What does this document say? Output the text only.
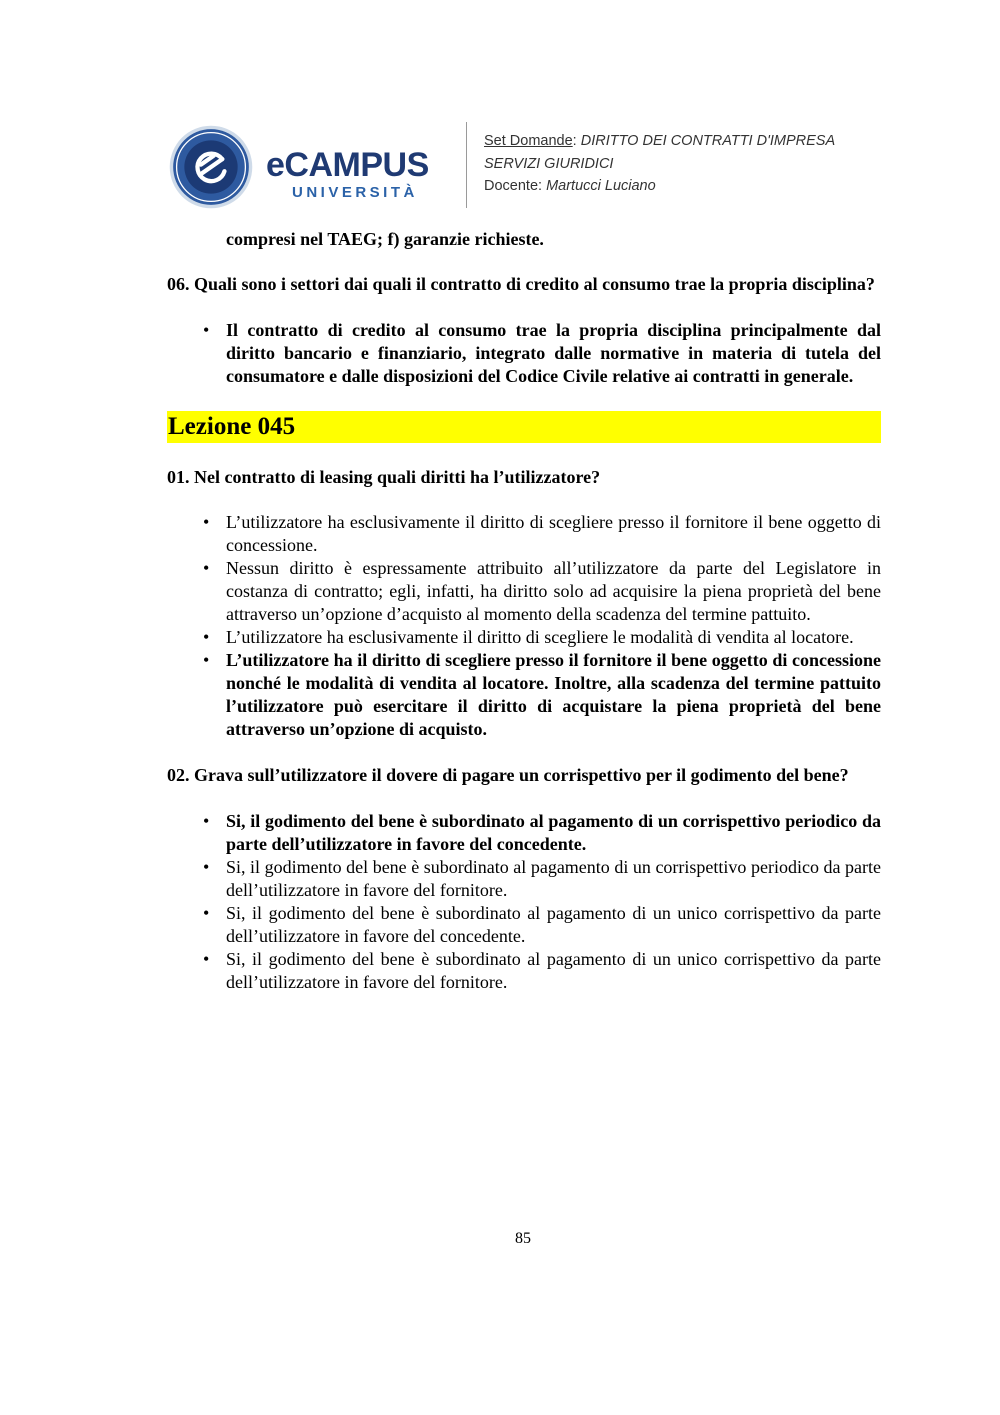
eCAMPUS
UNIVERSITÀ
Set Domande: DIRITTO DEI CONTRATTI D'IMPRESA
SERVIZI GIURIDICI
Docente: Martucci Luciano

compresi nel TAEG; f) garanzie richieste.

06. Quali sono i settori dai quali il contratto di credito al consumo trae la propria disciplina?

• Il contratto di credito al consumo trae la propria disciplina principalmente dal diritto bancario e finanziario, integrato dalle normative in materia di tutela del consumatore e dalle disposizioni del Codice Civile relative ai contratti in generale.

Lezione 045

01. Nel contratto di leasing quali diritti ha l’utilizzatore?

• L’utilizzatore ha esclusivamente il diritto di scegliere presso il fornitore il bene oggetto di concessione.
• Nessun diritto è espressamente attribuito all’utilizzatore da parte del Legislatore in costanza di contratto; egli, infatti, ha diritto solo ad acquisire la piena proprietà del bene attraverso un’opzione d’acquisto al momento della scadenza del termine pattuito.
• L’utilizzatore ha esclusivamente il diritto di scegliere le modalità di vendita al locatore.
• L’utilizzatore ha il diritto di scegliere presso il fornitore il bene oggetto di concessione nonché le modalità di vendita al locatore. Inoltre, alla scadenza del termine pattuito l’utilizzatore può esercitare il diritto di acquistare la piena proprietà del bene attraverso un’opzione di acquisto.

02. Grava sull’utilizzatore il dovere di pagare un corrispettivo per il godimento del bene?

• Si, il godimento del bene è subordinato al pagamento di un corrispettivo periodico da parte dell’utilizzatore in favore del concedente.
• Si, il godimento del bene è subordinato al pagamento di un corrispettivo periodico da parte dell’utilizzatore in favore del fornitore.
• Si, il godimento del bene è subordinato al pagamento di un unico corrispettivo da parte dell’utilizzatore in favore del concedente.
• Si, il godimento del bene è subordinato al pagamento di un unico corrispettivo da parte dell’utilizzatore in favore del fornitore.
85
